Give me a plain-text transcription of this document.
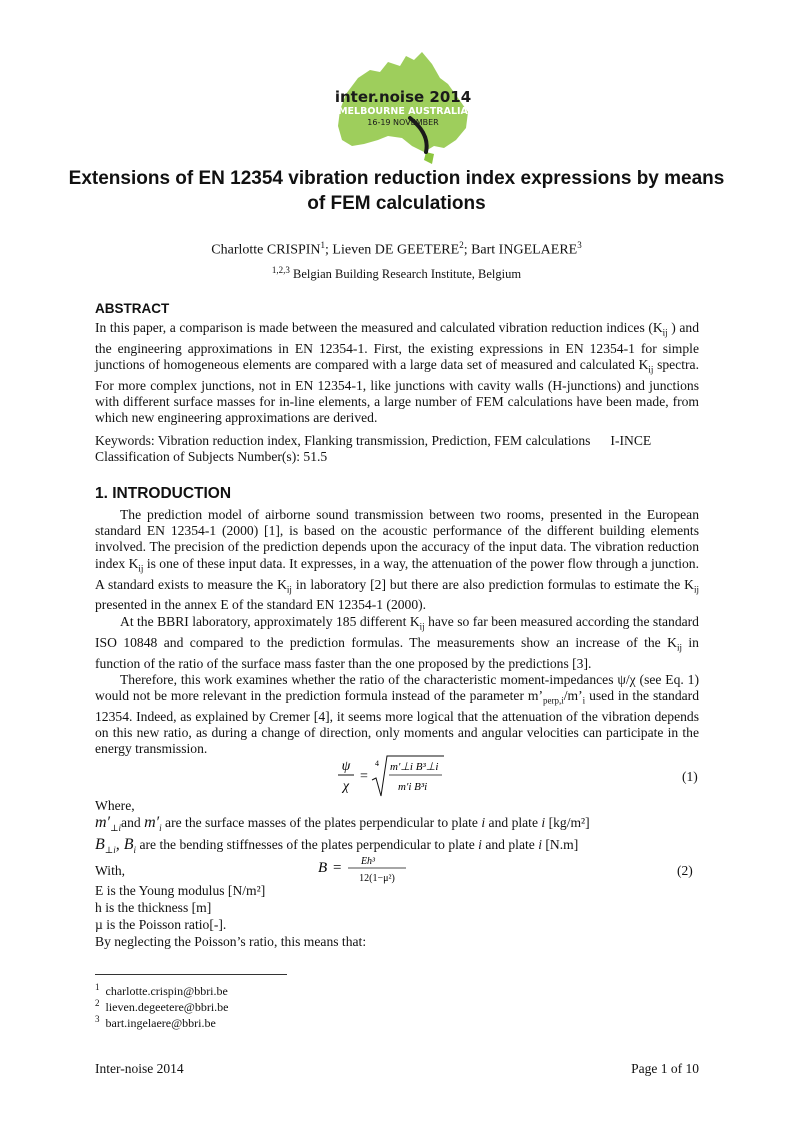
inter.noise 2014
MELBOURNE AUSTRALIA
16-19 NOVEMBER
Extensions of EN 12354 vibration reduction index expressions by means of FEM calculations
Charlotte CRISPIN$^1$; Lieven DE GEETERE$^2$; Bart INGELAERE$^3$
$^{1,2,3}$ Belgian Building Research Institute, Belgium
ABSTRACT
In this paper, a comparison is made between the measured and calculated vibration reduction indices ($K_{ij}$ ) and the engineering approximations in EN 12354-1. First, the existing expressions in EN 12354-1 for simple junctions of homogeneous elements are compared with a large data set of measured and calculated $K_{ij}$ spectra. For more complex junctions, not in EN 12354-1, like junctions with cavity walls (H-junctions) and junctions with different surface masses for in-line elements, a large number of FEM calculations have been made, from which new engineering approximations are derived.
Keywords: Vibration reduction index, Flanking transmission, Prediction, FEM calculations I-INCE
Classification of Subjects Number(s): 51.5
1. INTRODUCTION

The prediction model of airborne sound transmission between two rooms, presented in the European standard EN 12354-1 (2000) [1], is based on the acoustic performance of the different building elements involved. The precision of the prediction depends upon the accuracy of the input data. The vibration reduction index $K_{ij}$ is one of these input data. It expresses, in a way, the attenuation of the power flow through a junction. A standard exists to measure the $K_{ij}$ in laboratory [2] but there are also prediction formulas to estimate the $K_{ij}$ presented in the annex E of the standard EN 12354-1 (2000).

At the BBRI laboratory, approximately 185 different $K_{ij}$ have so far been measured according the standard ISO 10848 and compared to the prediction formulas. The measurements show an increase of the $K_{ij}$ in function of the ratio of the surface mass faster than the one proposed by the predictions [3].

Therefore, this work examines whether the ratio of the characteristic moment-impedances ψ/χ (see Eq. 1) would not be more relevant in the prediction formula instead of the parameter $m’_{perp,i}/m’_i$ used in the standard 12354. Indeed, as explained by Cremer [4], it seems more logical that the attenuation of the vibration depends on this new ratio, as during a change of direction, only moments and angular velocities can participate in the energy transmission.

ψ
χ
=
4 m′⊥i B³⊥i
m′i B³i
(1)
Where,
$m'_{\perp i}and$ $m'_i$ are the surface masses of the plates perpendicular to plate i and plate i [kg/m²]
$B_{\perp i}$, $B_i$ are the bending stiffnesses of the plates perpendicular to plate i and plate i [N.m]
With,	B = Eh³
12(1−μ²)
(2)
E is the Young modulus [N/m²]
h is the thickness [m]
µ is the Poisson ratio[-].
By neglecting the Poisson’s ratio, this means that:
$^1$ charlotte.crispin@bbri.be
$^2$ lieven.degeetere@bbri.be
$^3$ bart.ingelaere@bbri.be
Inter-noise 2014	Page 1 of 10
